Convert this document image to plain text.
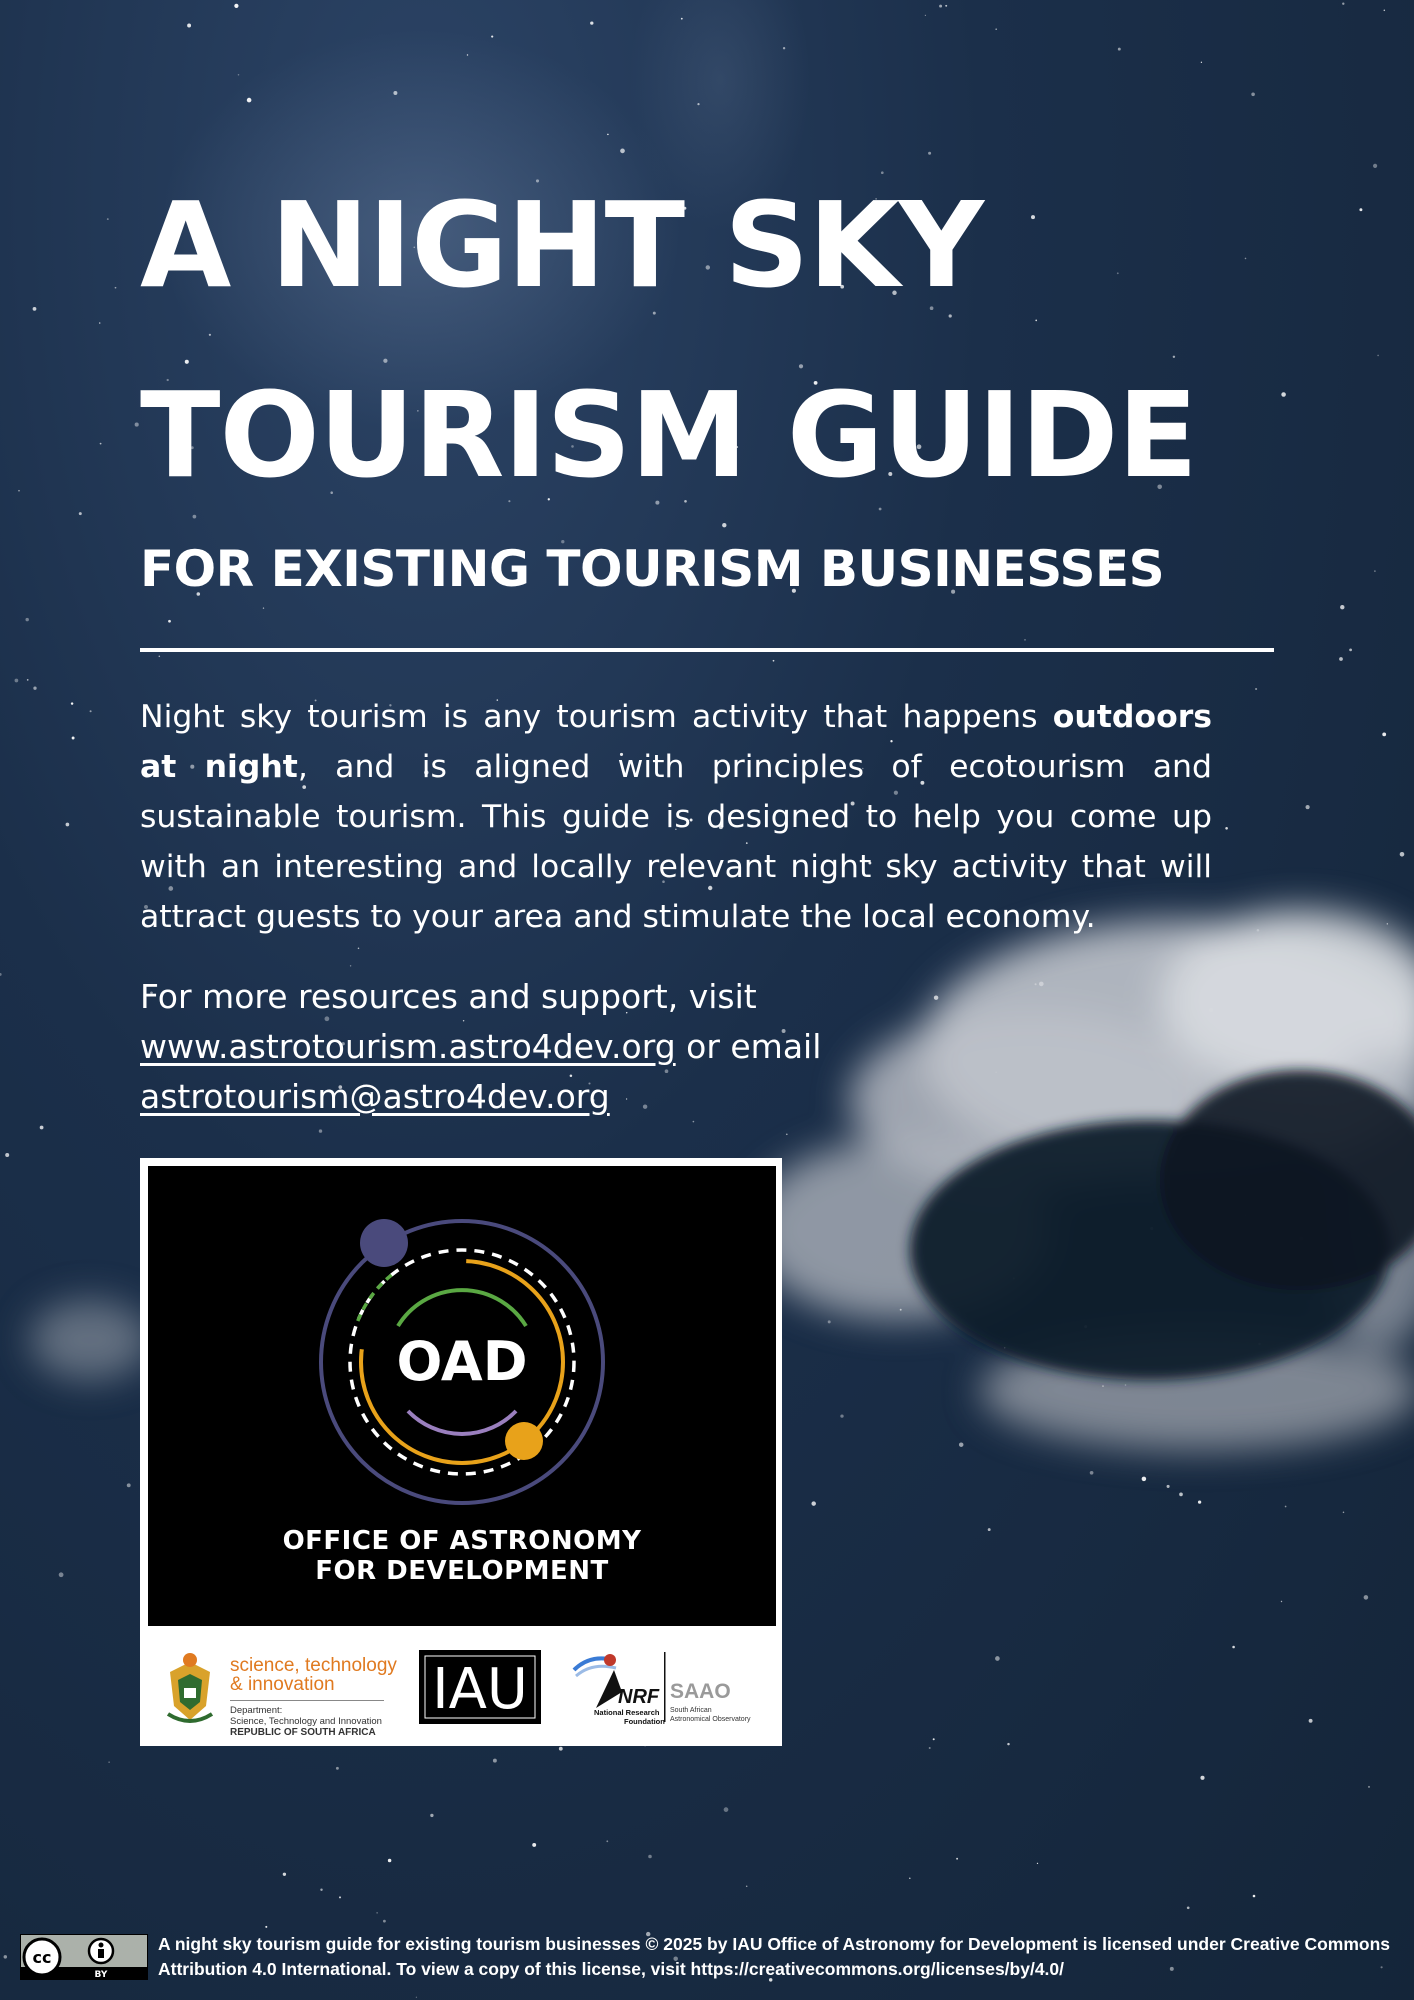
A NIGHT SKY
TOURISM GUIDE
FOR EXISTING TOURISM BUSINESSES

Night sky tourism is any tourism activity that happens outdoors at night, and is aligned with principles of ecotourism and sustainable tourism. This guide is designed to help you come up with an interesting and locally relevant night sky activity that will attract guests to your area and stimulate the local economy.

For more resources and support, visit www.astrotourism.astro4dev.org or email astrotourism@astro4dev.org

OAD
OFFICE OF ASTRONOMY
FOR DEVELOPMENT
science, technology
& innovation
Department:
Science, Technology and Innovation
REPUBLIC OF SOUTH AFRICA
IAU	NRF
National Research
Foundation
SAAO
South African
Astronomical Observatory
cc
BY

A night sky tourism guide for existing tourism businesses © 2025 by IAU Office of Astronomy for Development is licensed under Creative Commons Attribution 4.0 International. To view a copy of this license, visit https://creativecommons.org/licenses/by/4.0/
